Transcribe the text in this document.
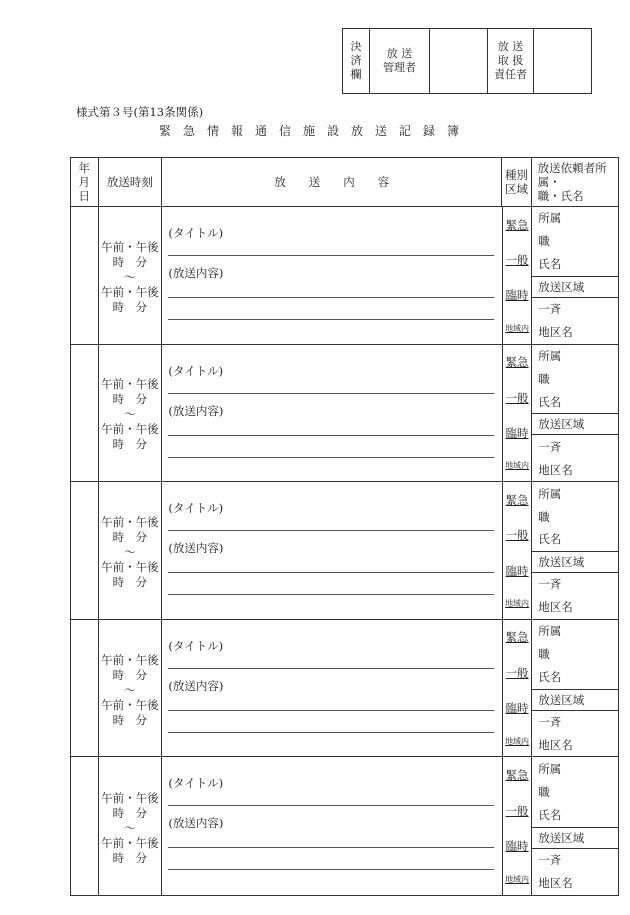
決
済
欄
放 送
管理者
放 送
取 扱
責任者
様式第３号(第13条関係)
緊急情報通信施設放送記録簿
年
月
日
放送時刻	放　　送　　内　　容	種別
区域
放送依頼者所属・
職・氏名
午前・午後
時　分
～
午前・午後
時　分
(タイトル)
(放送内容)
緊急
一般
臨時
地域内
所属
職
氏名
放送区域
一斉
地区名
午前・午後
時　分
～
午前・午後
時　分
(タイトル)
(放送内容)
緊急
一般
臨時
地域内
所属
職
氏名
放送区域
一斉
地区名
午前・午後
時　分
～
午前・午後
時　分
(タイトル)
(放送内容)
緊急
一般
臨時
地域内
所属
職
氏名
放送区域
一斉
地区名
午前・午後
時　分
～
午前・午後
時　分
(タイトル)
(放送内容)
緊急
一般
臨時
地域内
所属
職
氏名
放送区域
一斉
地区名
午前・午後
時　分
～
午前・午後
時　分
(タイトル)
(放送内容)
緊急
一般
臨時
地域内
所属
職
氏名
放送区域
一斉
地区名
